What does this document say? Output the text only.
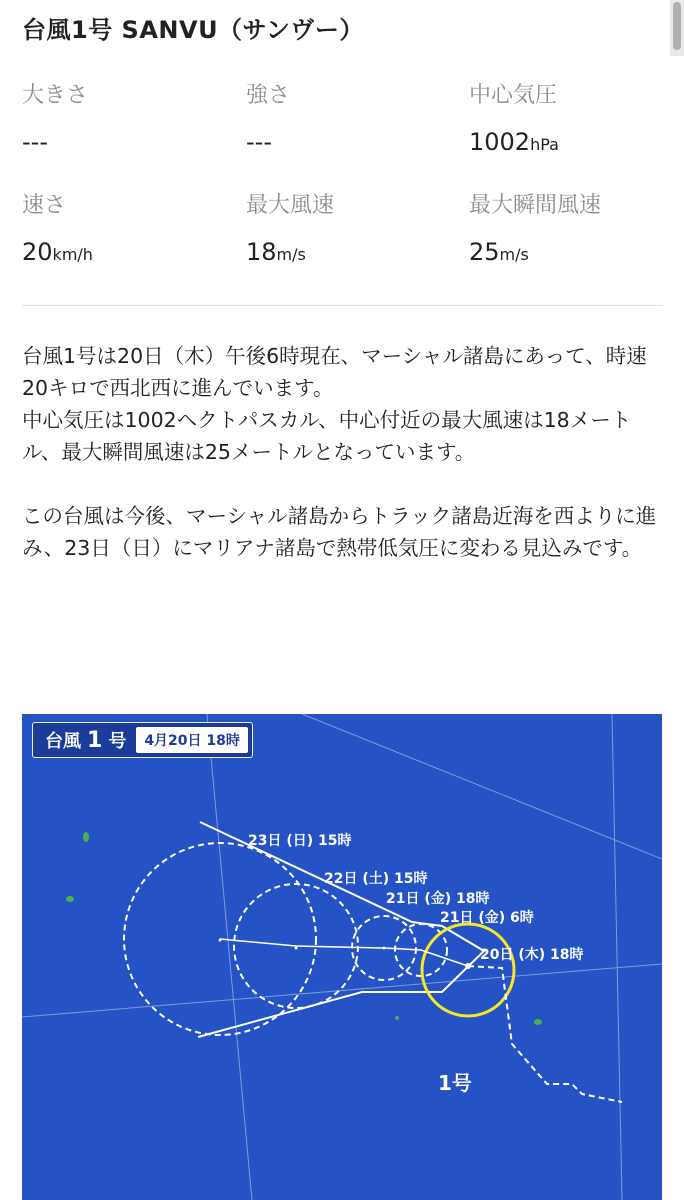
台風1号 SANVU（サンヴー）
大きさ
---
強さ
---
中心気圧
1002hPa
速さ
20km/h
最大風速
18m/s
最大瞬間風速
25m/s

台風1号は20日（木）午後6時現在、マーシャル諸島にあって、時速20キロで西北西に進んでいます。

中心気圧は1002ヘクトパスカル、中心付近の最大風速は18メートル、最大瞬間風速は25メートルとなっています。

この台風は今後、マーシャル諸島からトラック諸島近海を西よりに進み、23日（日）にマリアナ諸島で熱帯低気圧に変わる見込みです。

台風 1 号	4月20日 18時
23日 (日) 15時
22日 (土) 15時
21日 (金) 18時
21日 (金) 6時
20日 (木) 18時
1号
